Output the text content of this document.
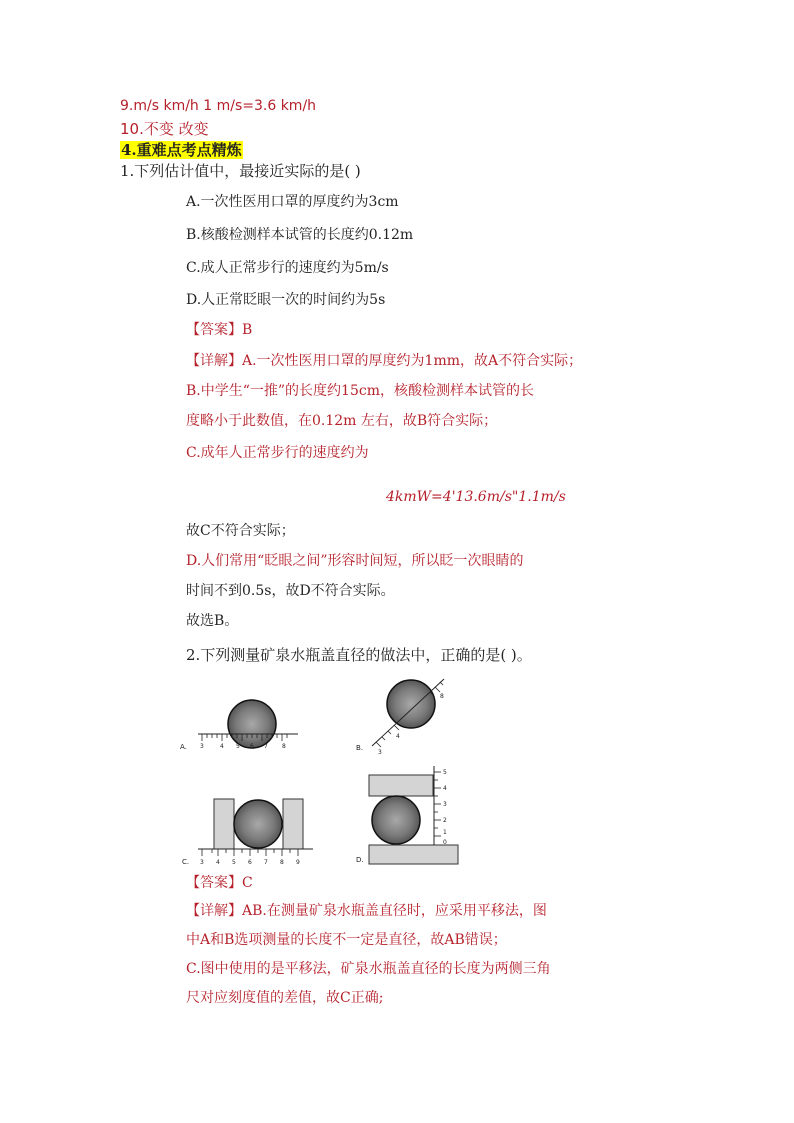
9.m/s km/h 1 m/s=3.6 km/h
10.不变 改变
4.重难点考点精炼
1.下列估计值中，最接近实际的是( )
A.一次性医用口罩的厚度约为3cm
B.核酸检测样本试管的长度约0.12m
C.成人正常步行的速度约为5m/s
D.人正常眨眼一次的时间约为5s
【答案】B
【详解】A.一次性医用口罩的厚度约为1mm，故A不符合实际；
B.中学生“一推”的长度约15cm，核酸检测样本试管的长
度略小于此数值，在0.12m 左右，故B符合实际；
C.成年人正常步行的速度约为
4kmW=4'13.6m/s"1.1m/s
故C不符合实际；
D.人们常用“眨眼之间”形容时间短，所以眨一次眼睛的
时间不到0.5s，故D不符合实际。
故选B。
2.下列测量矿泉水瓶盖直径的做法中，正确的是( )。
A. 3	4 5 6 7 8	B.
3
4
8
C. 3 4 5 6 7 8 9	D.
5
4
3
2
1
0
【答案】C
【详解】AB.在测量矿泉水瓶盖直径时，应采用平移法，图
中A和B选项测量的长度不一定是直径，故AB错误；
C.图中使用的是平移法，矿泉水瓶盖直径的长度为两侧三角
尺对应刻度值的差值，故C正确;
